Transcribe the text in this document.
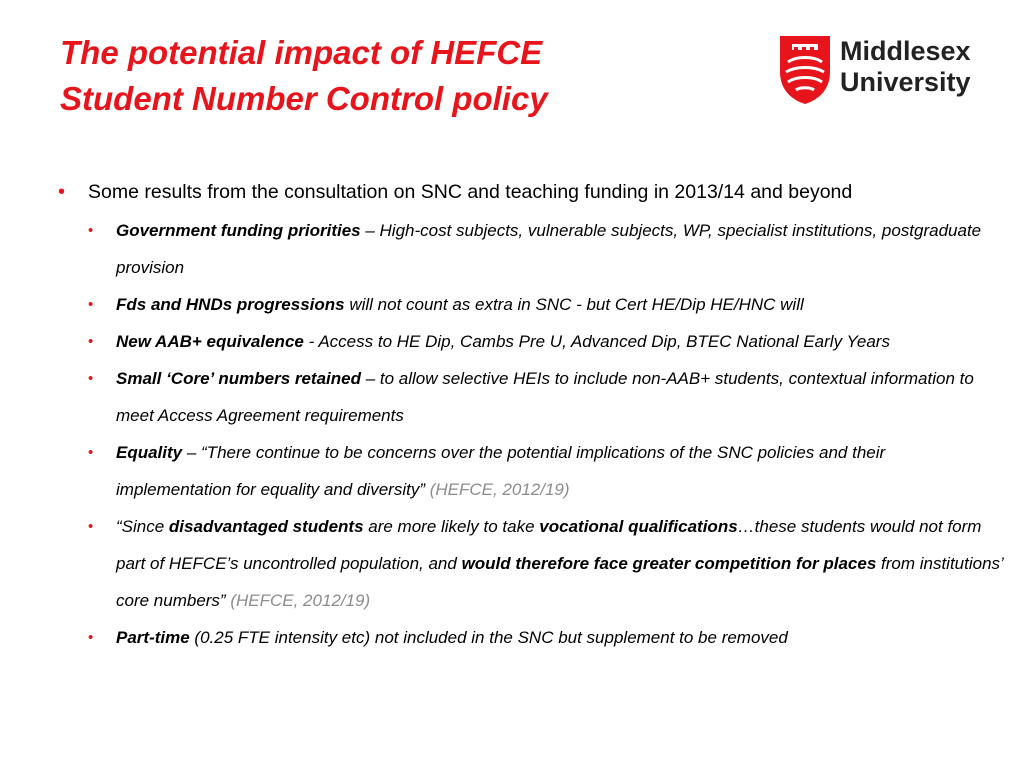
The potential impact of HEFCE
Student Number Control policy
Middlesex
University
• Some results from the consultation on SNC and teaching funding in 2013/14 and beyond
• Government funding priorities – High-cost subjects, vulnerable subjects, WP, specialist institutions, postgraduate provision
• Fds and HNDs progressions will not count as extra in SNC - but Cert HE/Dip HE/HNC will
• New AAB+ equivalence - Access to HE Dip, Cambs Pre U, Advanced Dip, BTEC National Early Years
• Small ‘Core’ numbers retained – to allow selective HEIs to include non-AAB+ students, contextual information to meet Access Agreement requirements
• Equality – “There continue to be concerns over the potential implications of the SNC policies and their implementation for equality and diversity” (HEFCE, 2012/19)
• “Since disadvantaged students are more likely to take vocational qualifications…these students would not form part of HEFCE’s uncontrolled population, and would therefore face greater competition for places from institutions’ core numbers” (HEFCE, 2012/19)
• Part-time (0.25 FTE intensity etc) not included in the SNC but supplement to be removed
